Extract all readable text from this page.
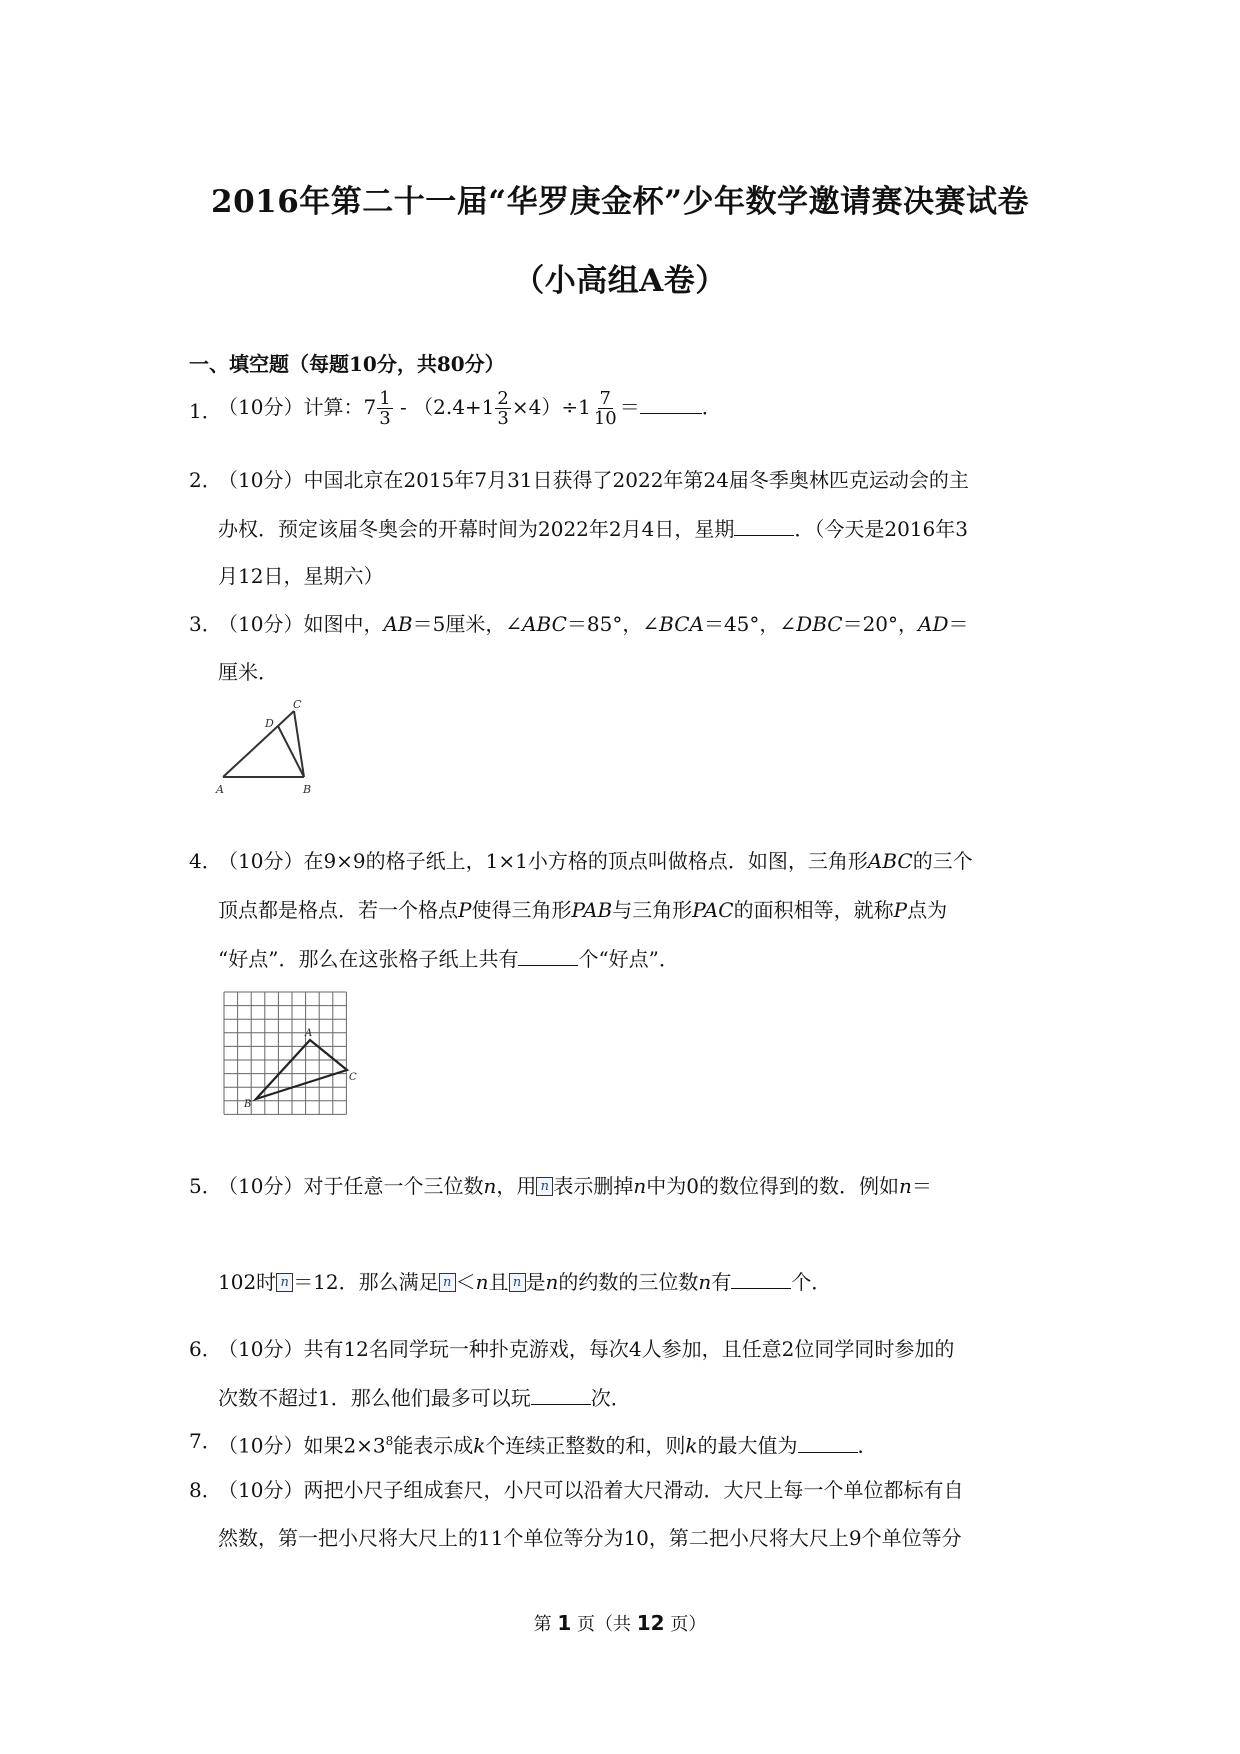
2016年第二十一届“华罗庚金杯”少年数学邀请赛决赛试卷
（小高组A卷）
一、填空题（每题10分，共80分）
1．
（10分）计算：$7 \frac{1}{3} - (2.4+1 \frac{2}{3} \times 4)\div 1 \frac{7}{10}$ ＝	．
2．
（10分）中国北京在2015年7月31日获得了2022年第24届冬季奥林匹克运动会的主
办权．预定该届冬奥会的开幕时间为2022年2月4日，星期	．（今天是2016年3
月12日，星期六）
3．
（10分）如图中，AB＝5厘米，∠ABC＝85°，∠BCA＝45°，∠DBC＝20°，AD＝
厘米．
C
D
A	B
4．
（10分）在9×9的格子纸上，1×1小方格的顶点叫做格点．如图，三角形ABC的三个
顶点都是格点．若一个格点P使得三角形PAB与三角形PAC的面积相等，就称P点为
“好点”．那么在这张格子纸上共有	个“好点”．
A
C
B
5．
（10分）对于任意一个三位数n，用 n 表示删掉n中为0的数位得到的数．例如n＝
102时 n ＝12．那么满足 n ＜n且 n 是n的约数的三位数n有	个．
6．
（10分）共有12名同学玩一种扑克游戏，每次4人参加，且任意2位同学同时参加的
次数不超过1．那么他们最多可以玩	次．
7．
（10分）如果$2\times 3^8$能表示成k个连续正整数的和，则k的最大值为	．
8．
（10分）两把小尺子组成套尺，小尺可以沿着大尺滑动．大尺上每一个单位都标有自
然数，第一把小尺将大尺上的11个单位等分为10，第二把小尺将大尺上9个单位等分
第 1 页（共 12 页）
